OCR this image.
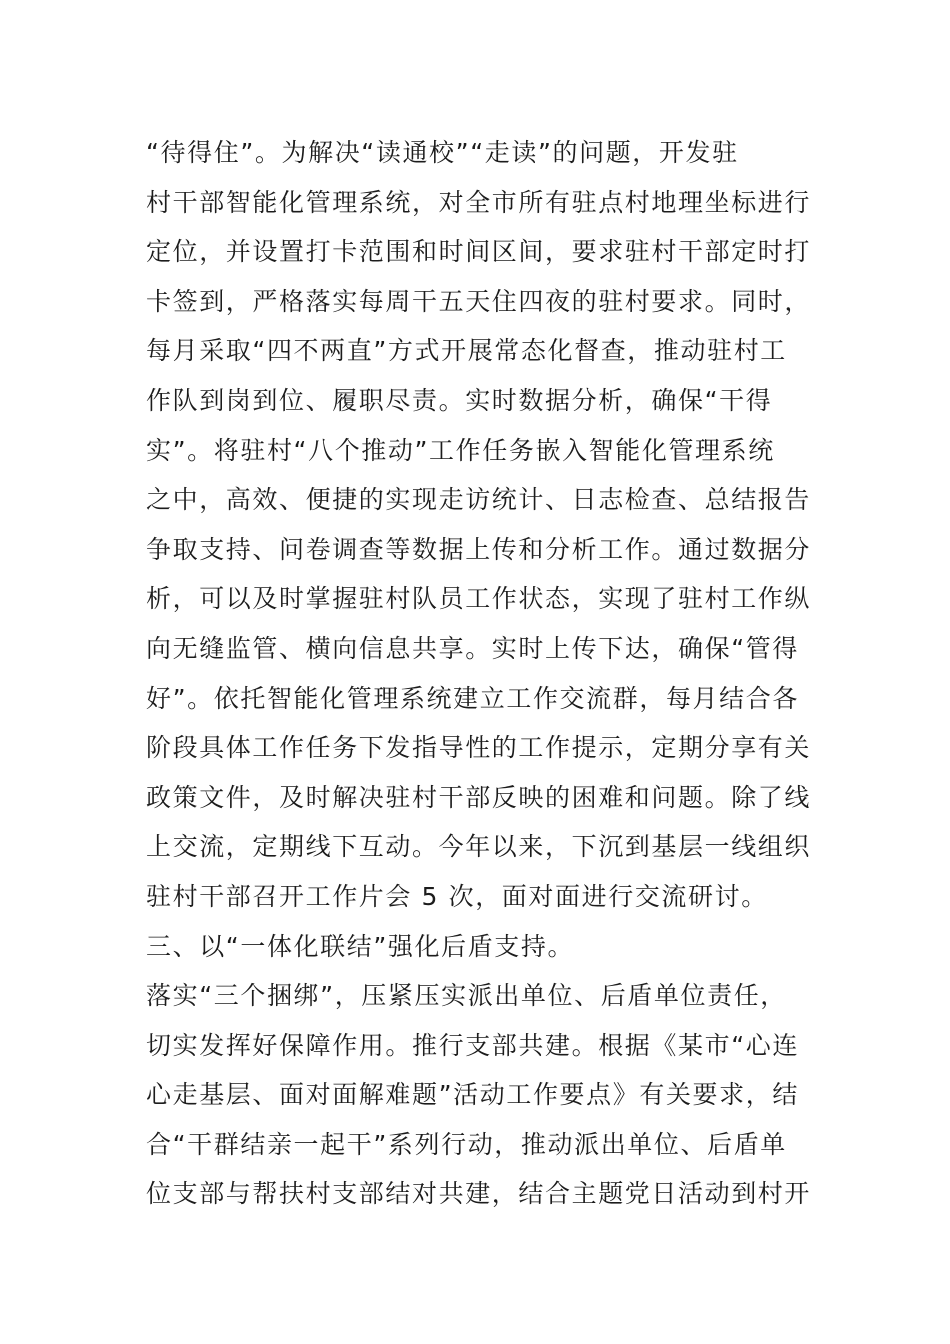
“待得住”。为解决“读通校”“走读”的问题，开发驻
村干部智能化管理系统，对全市所有驻点村地理坐标进行
定位，并设置打卡范围和时间区间，要求驻村干部定时打
卡签到，严格落实每周干五天住四夜的驻村要求。同时，
每月采取“四不两直”方式开展常态化督查，推动驻村工
作队到岗到位、履职尽责。实时数据分析，确保“干得
实”。将驻村“八个推动”工作任务嵌入智能化管理系统
之中，高效、便捷的实现走访统计、日志检查、总结报告
争取支持、问卷调查等数据上传和分析工作。通过数据分
析，可以及时掌握驻村队员工作状态，实现了驻村工作纵
向无缝监管、横向信息共享。实时上传下达，确保“管得
好”。依托智能化管理系统建立工作交流群，每月结合各
阶段具体工作任务下发指导性的工作提示，定期分享有关
政策文件，及时解决驻村干部反映的困难和问题。除了线
上交流，定期线下互动。今年以来，下沉到基层一线组织
驻村干部召开工作片会 5 次，面对面进行交流研讨。
三、以“一体化联结”强化后盾支持。
落实“三个捆绑”，压紧压实派出单位、后盾单位责任，
切实发挥好保障作用。推行支部共建。根据《某市“心连
心走基层、面对面解难题”活动工作要点》有关要求，结
合“干群结亲一起干”系列行动，推动派出单位、后盾单
位支部与帮扶村支部结对共建，结合主题党日活动到村开
